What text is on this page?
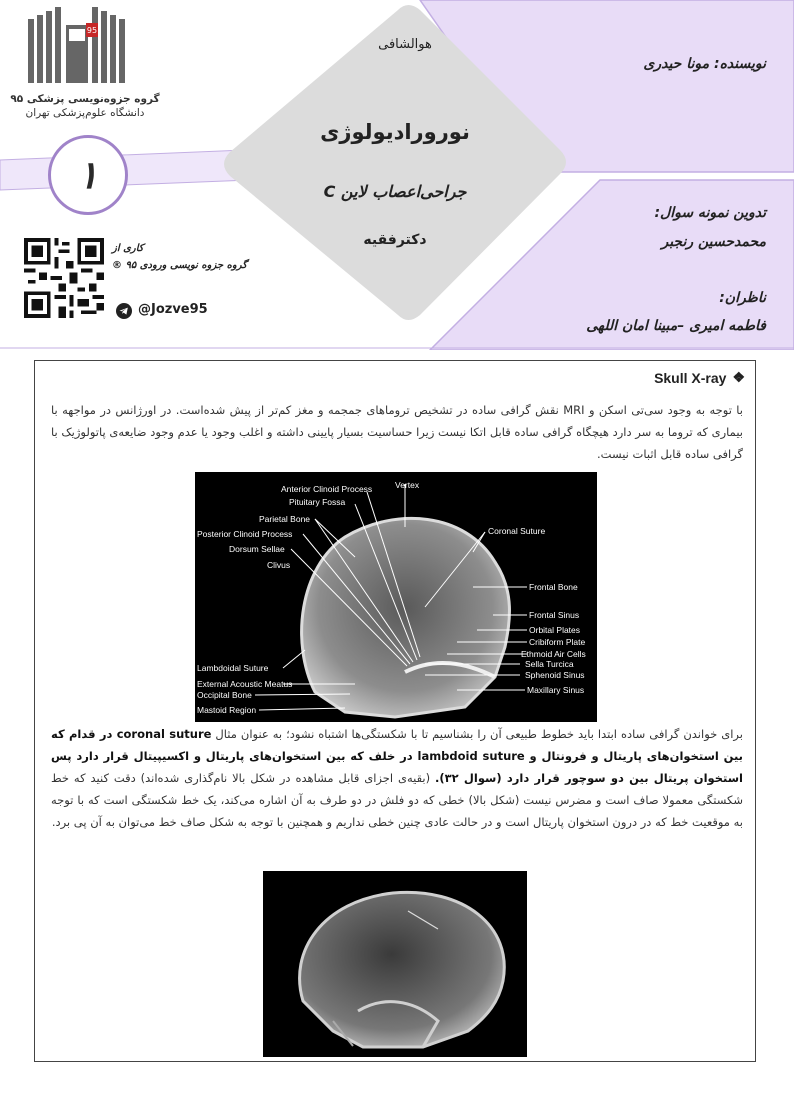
95
گروه جزوه‌نویسی پزشکی ۹۵
دانشگاه علوم‌پزشکی تهران
۱
کاری از
گروه جزوه نویسی ورودی ۹۵ ®
@Jozve95
هوالشافی
نورورادیولوژی
جراحی‌اعصاب لاین C
دکترفقیه
نویسنده: مونا حیدری
تدوین نمونه سوال:
محمدحسین رنجبر
ناظران:
فاطمه امیری –مبینا امان اللهی
Skull X-ray ❖
با توجه به وجود سی‌تی اسکن و MRI نقش گرافی ساده در تشخیص تروماهای جمجمه و مغز کم‌تر از پیش شده‌است. در اورژانس در مواجهه با بیماری که تروما به سر دارد هیچگاه گرافی ساده قابل اتکا نیست زیرا حساسیت بسیار پایینی داشته و اغلب وجود یا عدم وجود ضایعه‌ی پاتولوژیک با گرافی ساده قابل اثبات نیست.
Anterior Clinoid Process	Vertex
Pituitary Fossa
Parietal Bone
Coronal Suture
Posterior Clinoid Process
Dorsum Sellae
Clivus
Frontal Bone
Frontal Sinus
Orbital Plates
Cribiform Plate
Ethmoid Air Cells
Lambdoidal Suture	Sella Turcica
Sphenoid Sinus
External Acoustic Meatus
Maxillary Sinus
Occipital Bone
Mastoid Region
برای خواندن گرافی ساده ابتدا باید خطوط طبیعی آن را بشناسیم تا با شکستگی‌ها اشتباه نشود؛ به عنوان مثال coronal suture در قدام که بین استخوان‌های پاریتال و فرونتال و lambdoid suture در خلف که بین استخوان‌های پاریتال و اکسیپیتال قرار دارد پس استخوان پریتال بین دو سوچور قرار دارد (سوال ۳۲). (بقیه‌ی اجزای قابل مشاهده در شکل بالا نام‌گذاری شده‌اند) دقت کنید که خط شکستگی معمولا صاف است و مضرس نیست (شکل بالا) خطی که دو فلش در دو طرف به آن اشاره می‌کند، یک خط شکستگی است که با توجه به موقعیت خط که در درون استخوان پاریتال است و در حالت عادی چنین خطی نداریم و همچنین با توجه به شکل صاف خط می‌توان به آن پی برد.
